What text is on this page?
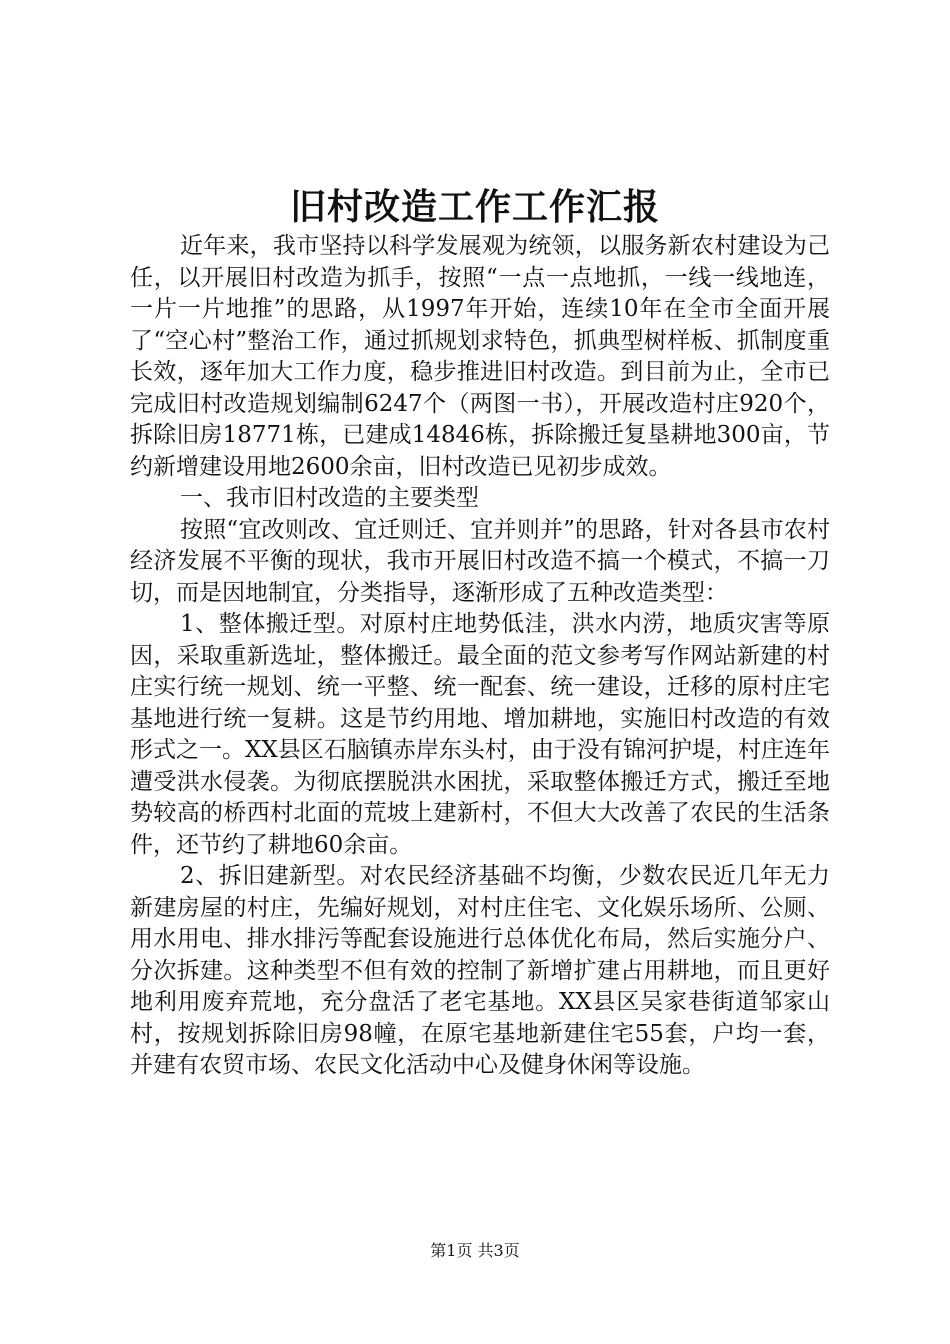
旧村改造工作工作汇报

近年来，我市坚持以科学发展观为统领，以服务新农村建设为己任，以开展旧村改造为抓手，按照“一点一点地抓，一线一线地连，一片一片地推”的思路，从1997年开始，连续10年在全市全面开展了“空心村”整治工作，通过抓规划求特色，抓典型树样板、抓制度重长效，逐年加大工作力度，稳步推进旧村改造。到目前为止，全市已完成旧村改造规划编制6247个（两图一书），开展改造村庄920个，拆除旧房18771栋，已建成14846栋，拆除搬迁复垦耕地300亩，节约新增建设用地2600余亩，旧村改造已见初步成效。

一、我市旧村改造的主要类型

按照“宜改则改、宜迁则迁、宜并则并”的思路，针对各县市农村经济发展不平衡的现状，我市开展旧村改造不搞一个模式，不搞一刀切，而是因地制宜，分类指导，逐渐形成了五种改造类型：

1、整体搬迁型。对原村庄地势低洼，洪水内涝，地质灾害等原因，采取重新选址，整体搬迁。最全面的范文参考写作网站新建的村庄实行统一规划、统一平整、统一配套、统一建设，迁移的原村庄宅基地进行统一复耕。这是节约用地、增加耕地，实施旧村改造的有效形式之一。XX县区石脑镇赤岸东头村，由于没有锦河护堤，村庄连年遭受洪水侵袭。为彻底摆脱洪水困扰，采取整体搬迁方式，搬迁至地势较高的桥西村北面的荒坡上建新村，不但大大改善了农民的生活条件，还节约了耕地60余亩。

2、拆旧建新型。对农民经济基础不均衡，少数农民近几年无力新建房屋的村庄，先编好规划，对村庄住宅、文化娱乐场所、公厕、用水用电、排水排污等配套设施进行总体优化布局，然后实施分户、分次拆建。这种类型不但有效的控制了新增扩建占用耕地，而且更好地利用废弃荒地，充分盘活了老宅基地。XX县区吴家巷街道邹家山村，按规划拆除旧房98幢，在原宅基地新建住宅55套，户均一套，并建有农贸市场、农民文化活动中心及健身休闲等设施。

第1页 共3页
